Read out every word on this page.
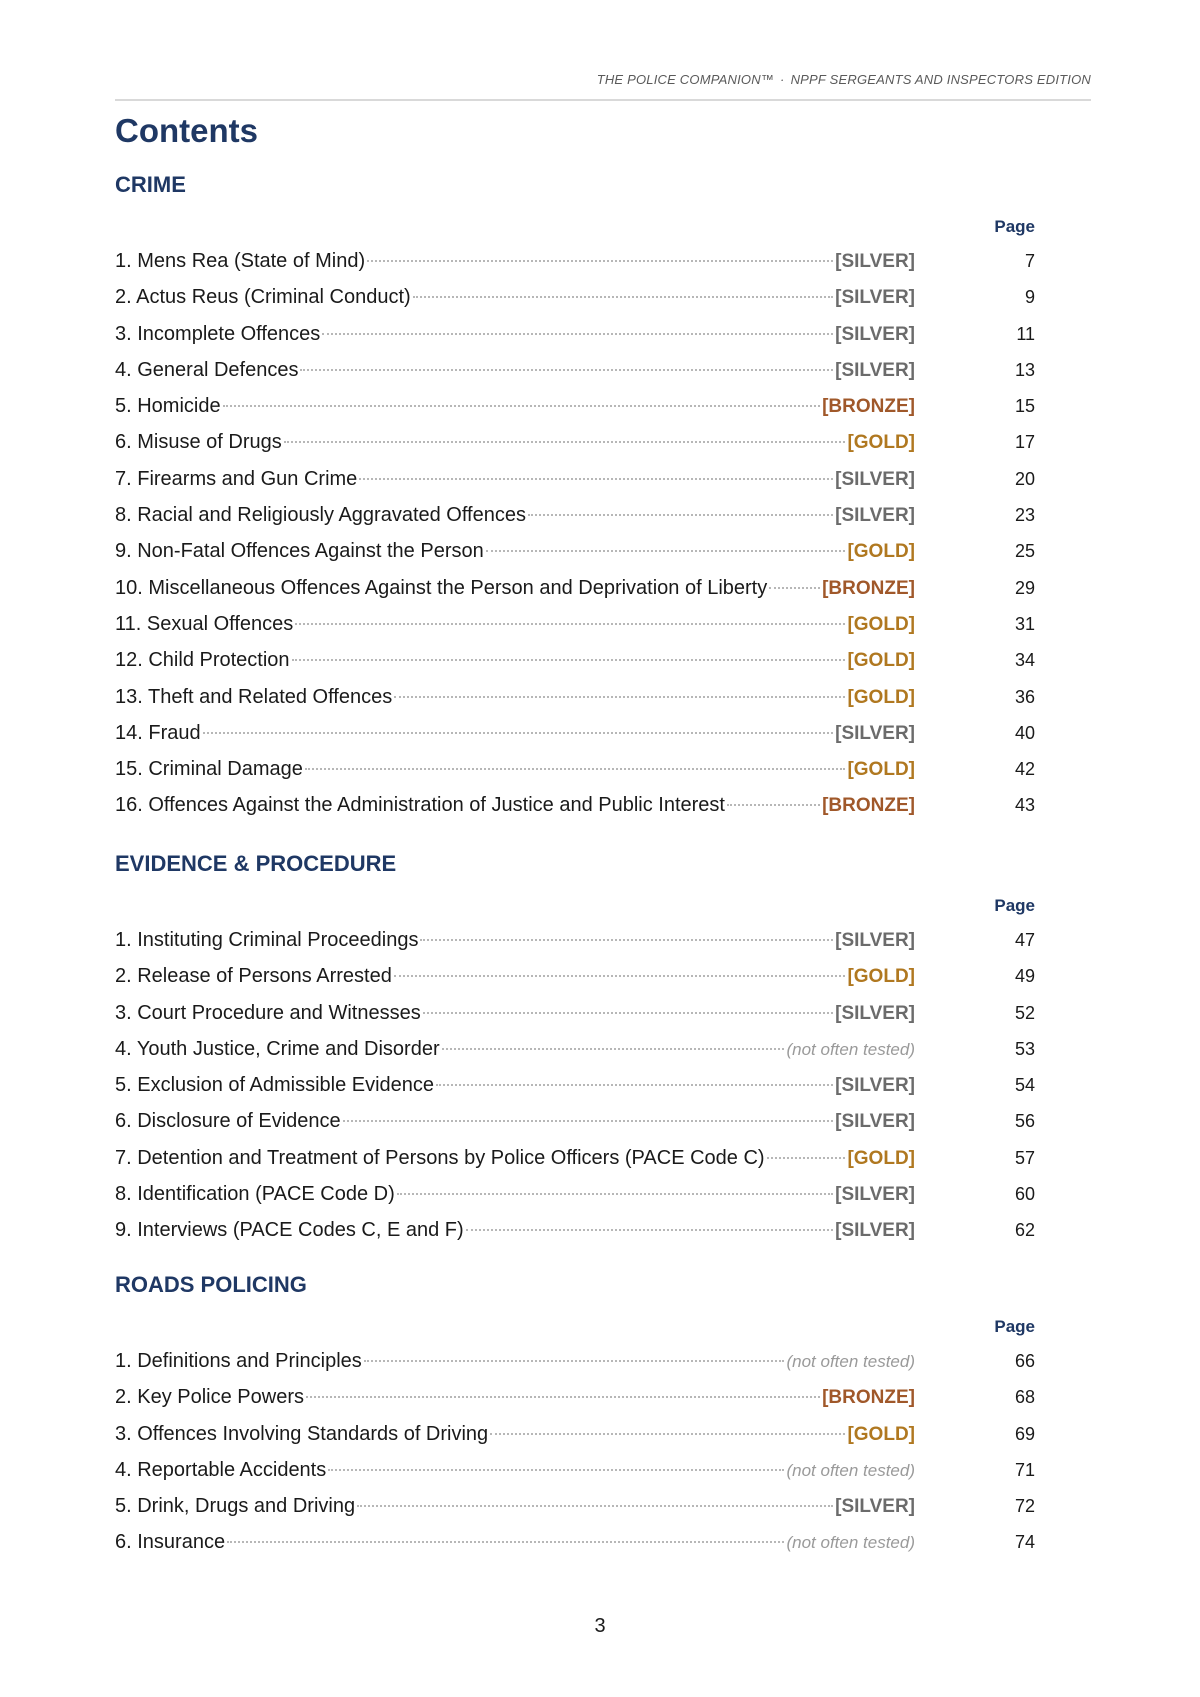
THE POLICE COMPANION™ · NPPF SERGEANTS AND INSPECTORS EDITION
Contents
CRIME
Page
1. Mens Rea (State of Mind)	[SILVER]	7
2. Actus Reus (Criminal Conduct)	[SILVER]	9
3. Incomplete Offences	[SILVER]	11
4. General Defences	[SILVER]	13
5. Homicide	[BRONZE]	15
6. Misuse of Drugs	[GOLD]	17
7. Firearms and Gun Crime	[SILVER]	20
8. Racial and Religiously Aggravated Offences	[SILVER]	23
9. Non-Fatal Offences Against the Person	[GOLD]	25
10. Miscellaneous Offences Against the Person and Deprivation of Liberty	[BRONZE]	29
11. Sexual Offences	[GOLD]	31
12. Child Protection	[GOLD]	34
13. Theft and Related Offences	[GOLD]	36
14. Fraud	[SILVER]	40
15. Criminal Damage	[GOLD]	42
16. Offences Against the Administration of Justice and Public Interest	[BRONZE]	43
EVIDENCE & PROCEDURE
Page
1. Instituting Criminal Proceedings	[SILVER]	47
2. Release of Persons Arrested	[GOLD]	49
3. Court Procedure and Witnesses	[SILVER]	52
4. Youth Justice, Crime and Disorder	(not often tested)	53
5. Exclusion of Admissible Evidence	[SILVER]	54
6. Disclosure of Evidence	[SILVER]	56
7. Detention and Treatment of Persons by Police Officers (PACE Code C)	[GOLD]	57
8. Identification (PACE Code D)	[SILVER]	60
9. Interviews (PACE Codes C, E and F)	[SILVER]	62
ROADS POLICING
Page
1. Definitions and Principles	(not often tested)	66
2. Key Police Powers	[BRONZE]	68
3. Offences Involving Standards of Driving	[GOLD]	69
4. Reportable Accidents	(not often tested)	71
5. Drink, Drugs and Driving	[SILVER]	72
6. Insurance	(not often tested)	74
3
